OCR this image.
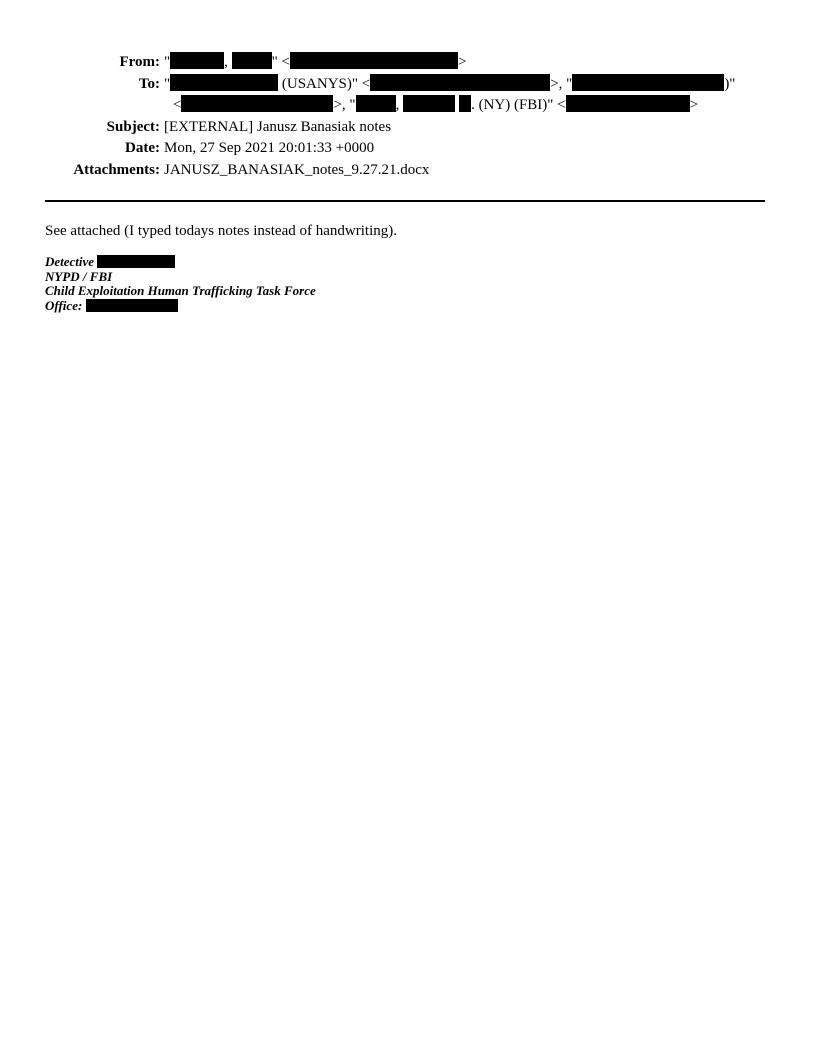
From: "	,	" <	>
To: "	(USANYS)" <	>, "	)"
<	>, "	,	. (NY) (FBI)" <	>
Subject: [EXTERNAL] Janusz Banasiak notes
Date: Mon, 27 Sep 2021 20:01:33 +0000
Attachments: JANUSZ_BANASIAK_notes_9.27.21.docx
See attached (I typed todays notes instead of handwriting).
Detective
NYPD / FBI
Child Exploitation Human Trafficking Task Force
Office:
